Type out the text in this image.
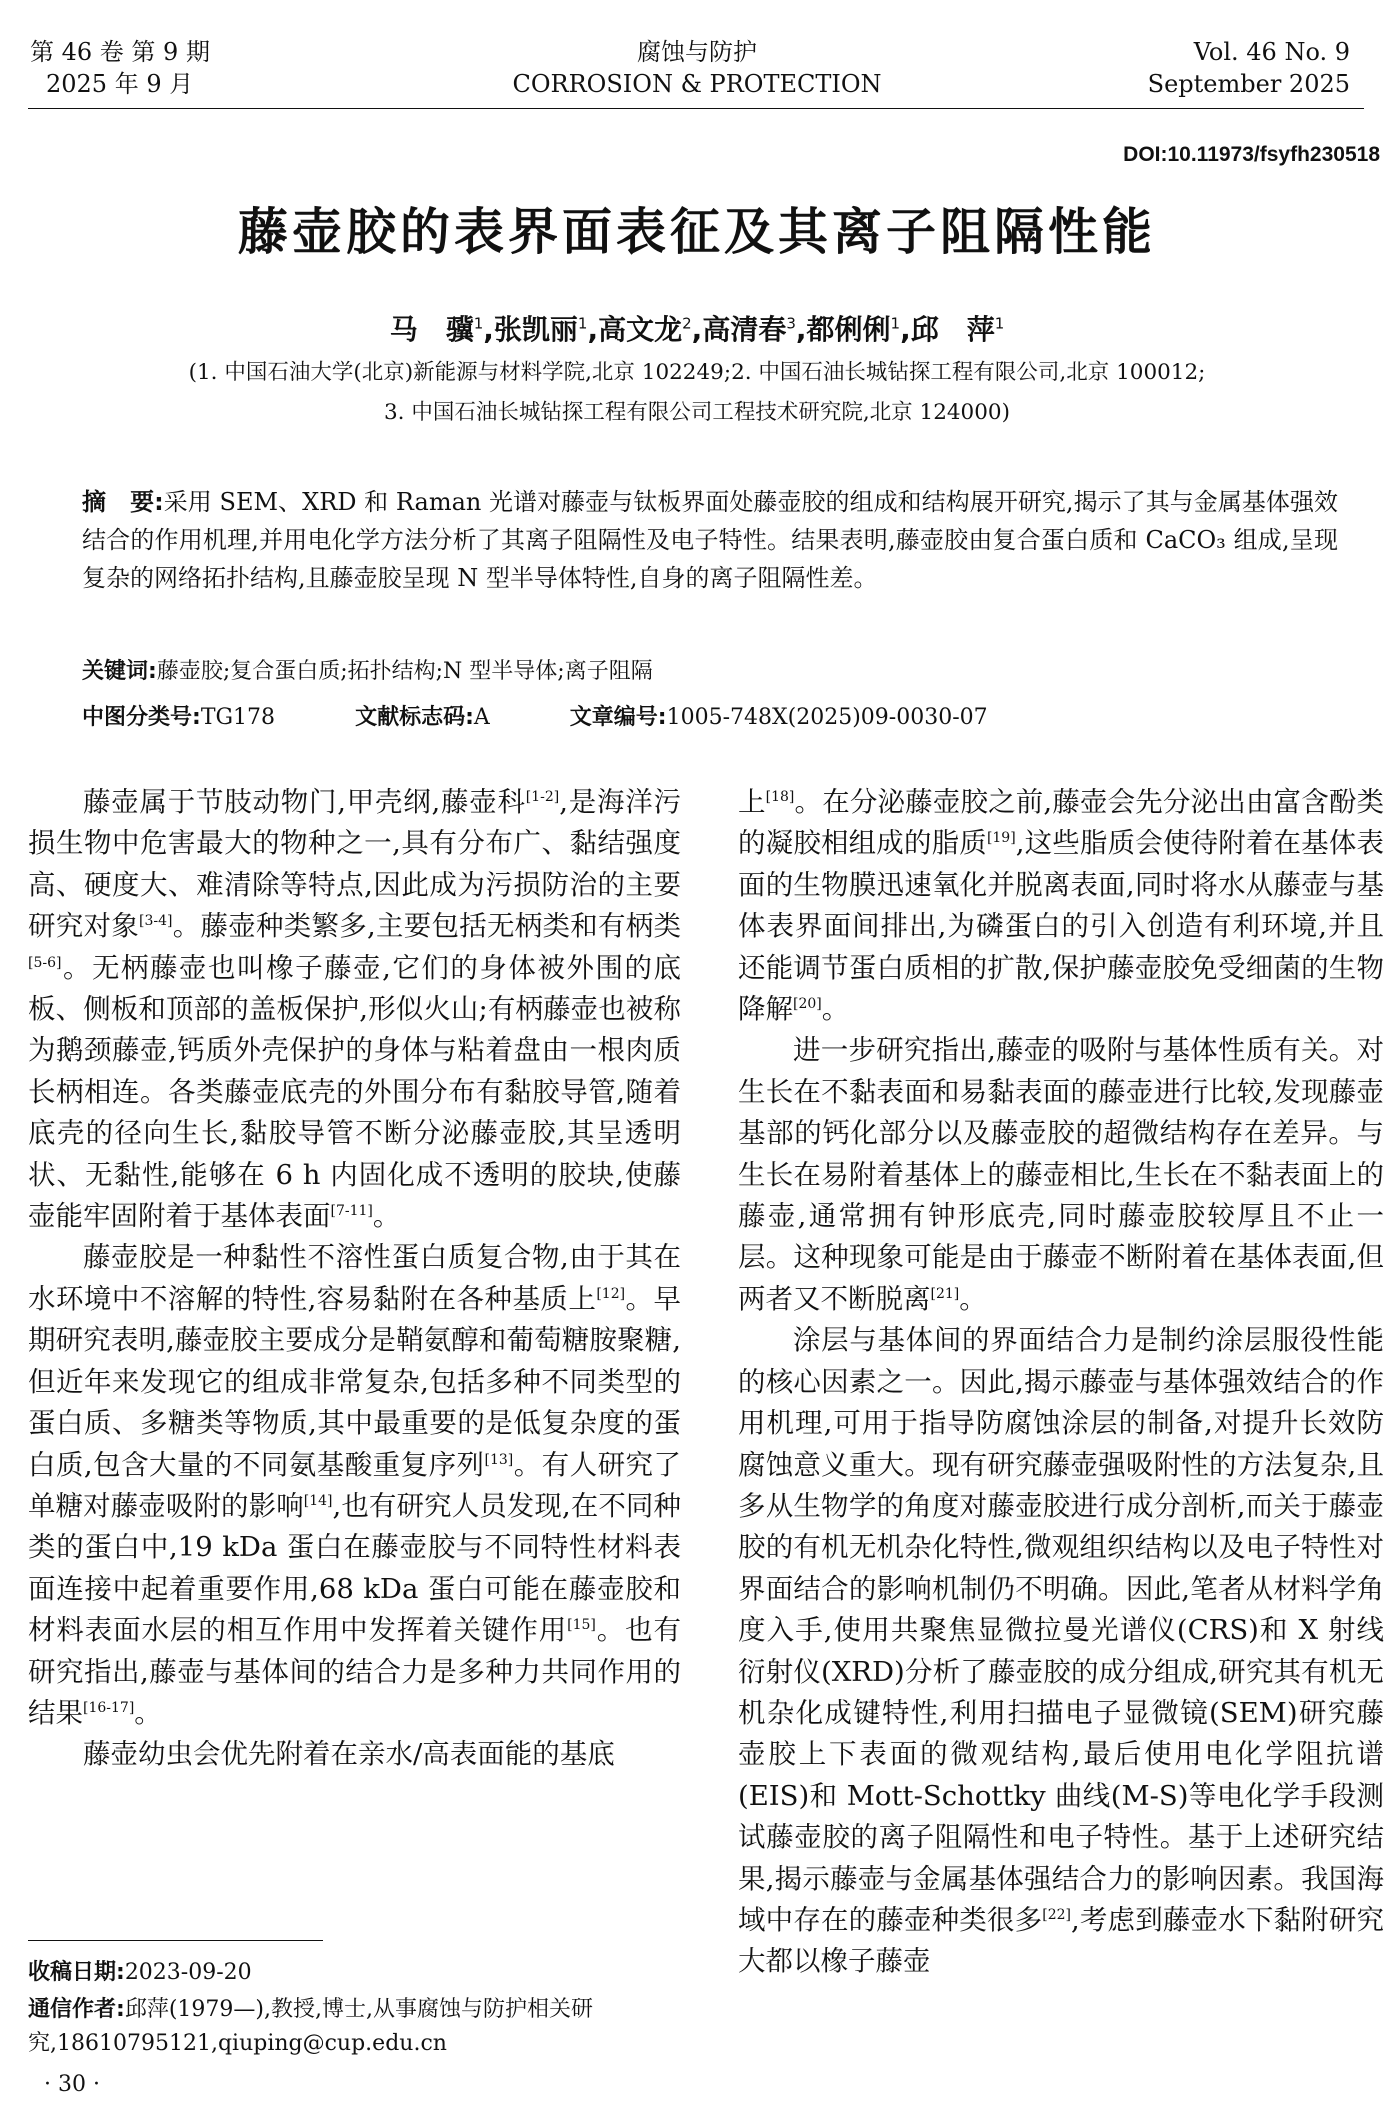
第 46 卷 第 9 期
2025 年 9 月
腐蚀与防护
CORROSION & PROTECTION
Vol. 46 No. 9
September 2025
DOI:10.11973/fsyfh230518
藤壶胶的表界面表征及其离子阻隔性能
马　骥$^1$,张凯丽$^1$,高文龙$^2$,高清春$^3$,都俐俐$^1$,邱　萍$^1$
(1. 中国石油大学(北京)新能源与材料学院,北京 102249;2. 中国石油长城钻探工程有限公司,北京 100012;
3. 中国石油长城钻探工程有限公司工程技术研究院,北京 124000)
摘　要:采用 SEM、XRD 和 Raman 光谱对藤壶与钛板界面处藤壶胶的组成和结构展开研究,揭示了其与金属基体强效结合的作用机理,并用电化学方法分析了其离子阻隔性及电子特性。结果表明,藤壶胶由复合蛋白质和 CaCO₃ 组成,呈现复杂的网络拓扑结构,且藤壶胶呈现 N 型半导体特性,自身的离子阻隔性差。
关键词:藤壶胶;复合蛋白质;拓扑结构;N 型半导体;离子阻隔
中图分类号:TG178	文献标志码:A	文章编号:1005-748X(2025)09-0030-07

藤壶属于节肢动物门,甲壳纲,藤壶科[1-2],是海洋污损生物中危害最大的物种之一,具有分布广、黏结强度高、硬度大、难清除等特点,因此成为污损防治的主要研究对象[3-4]。藤壶种类繁多,主要包括无柄类和有柄类[5-6]。无柄藤壶也叫橡子藤壶,它们的身体被外围的底板、侧板和顶部的盖板保护,形似火山;有柄藤壶也被称为鹅颈藤壶,钙质外壳保护的身体与粘着盘由一根肉质长柄相连。各类藤壶底壳的外围分布有黏胶导管,随着底壳的径向生长,黏胶导管不断分泌藤壶胶,其呈透明状、无黏性,能够在 6 h 内固化成不透明的胶块,使藤壶能牢固附着于基体表面[7-11]。

藤壶胶是一种黏性不溶性蛋白质复合物,由于其在水环境中不溶解的特性,容易黏附在各种基质上[12]。早期研究表明,藤壶胶主要成分是鞘氨醇和葡萄糖胺聚糖,但近年来发现它的组成非常复杂,包括多种不同类型的蛋白质、多糖类等物质,其中最重要的是低复杂度的蛋白质,包含大量的不同氨基酸重复序列[13]。有人研究了单糖对藤壶吸附的影响[14],也有研究人员发现,在不同种类的蛋白中,19 kDa 蛋白在藤壶胶与不同特性材料表面连接中起着重要作用,68 kDa 蛋白可能在藤壶胶和材料表面水层的相互作用中发挥着关键作用[15]。也有研究指出,藤壶与基体间的结合力是多种力共同作用的结果[16-17]。

藤壶幼虫会优先附着在亲水/高表面能的基底

上[18]。在分泌藤壶胶之前,藤壶会先分泌出由富含酚类的凝胶相组成的脂质[19],这些脂质会使待附着在基体表面的生物膜迅速氧化并脱离表面,同时将水从藤壶与基体表界面间排出,为磷蛋白的引入创造有利环境,并且还能调节蛋白质相的扩散,保护藤壶胶免受细菌的生物降解[20]。

进一步研究指出,藤壶的吸附与基体性质有关。对生长在不黏表面和易黏表面的藤壶进行比较,发现藤壶基部的钙化部分以及藤壶胶的超微结构存在差异。与生长在易附着基体上的藤壶相比,生长在不黏表面上的藤壶,通常拥有钟形底壳,同时藤壶胶较厚且不止一层。这种现象可能是由于藤壶不断附着在基体表面,但两者又不断脱离[21]。

涂层与基体间的界面结合力是制约涂层服役性能的核心因素之一。因此,揭示藤壶与基体强效结合的作用机理,可用于指导防腐蚀涂层的制备,对提升长效防腐蚀意义重大。现有研究藤壶强吸附性的方法复杂,且多从生物学的角度对藤壶胶进行成分剖析,而关于藤壶胶的有机无机杂化特性,微观组织结构以及电子特性对界面结合的影响机制仍不明确。因此,笔者从材料学角度入手,使用共聚焦显微拉曼光谱仪(CRS)和 X 射线衍射仪(XRD)分析了藤壶胶的成分组成,研究其有机无机杂化成键特性,利用扫描电子显微镜(SEM)研究藤壶胶上下表面的微观结构,最后使用电化学阻抗谱(EIS)和 Mott-Schottky 曲线(M-S)等电化学手段测试藤壶胶的离子阻隔性和电子特性。基于上述研究结果,揭示藤壶与金属基体强结合力的影响因素。我国海域中存在的藤壶种类很多[22],考虑到藤壶水下黏附研究大都以橡子藤壶

收稿日期:2023-09-20
通信作者:邱萍(1979—),教授,博士,从事腐蚀与防护相关研究,18610795121,qiuping@cup.edu.cn
· 30 ·
